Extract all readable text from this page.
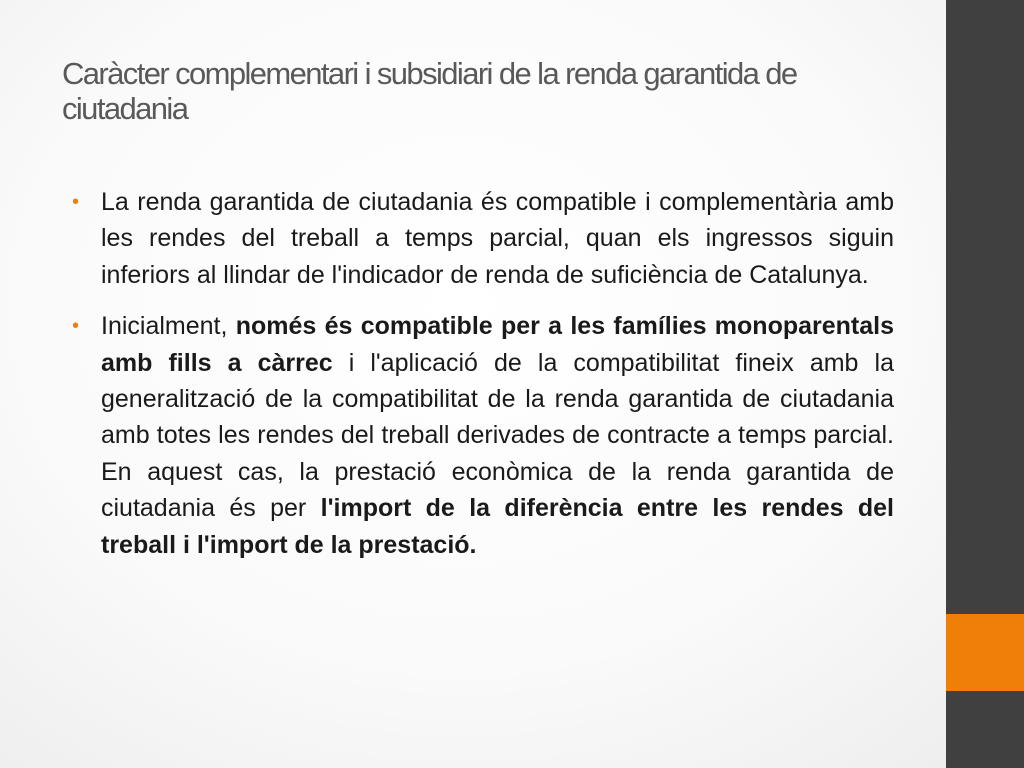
Caràcter complementari i subsidiari de la renda garantida de ciutadania

• La renda garantida de ciutadania és compatible i complementària amb les rendes del treball a temps parcial, quan els ingressos siguin inferiors al llindar de l'indicador de renda de suficiència de Catalunya.

• Inicialment, només és compatible per a les famílies monoparentals amb fills a càrrec i l'aplicació de la compatibilitat fineix amb la generalització de la compatibilitat de la renda garantida de ciutadania amb totes les rendes del treball derivades de contracte a temps parcial. En aquest cas, la prestació econòmica de la renda garantida de ciutadania és per l'import de la diferència entre les rendes del treball i l'import de la prestació.
